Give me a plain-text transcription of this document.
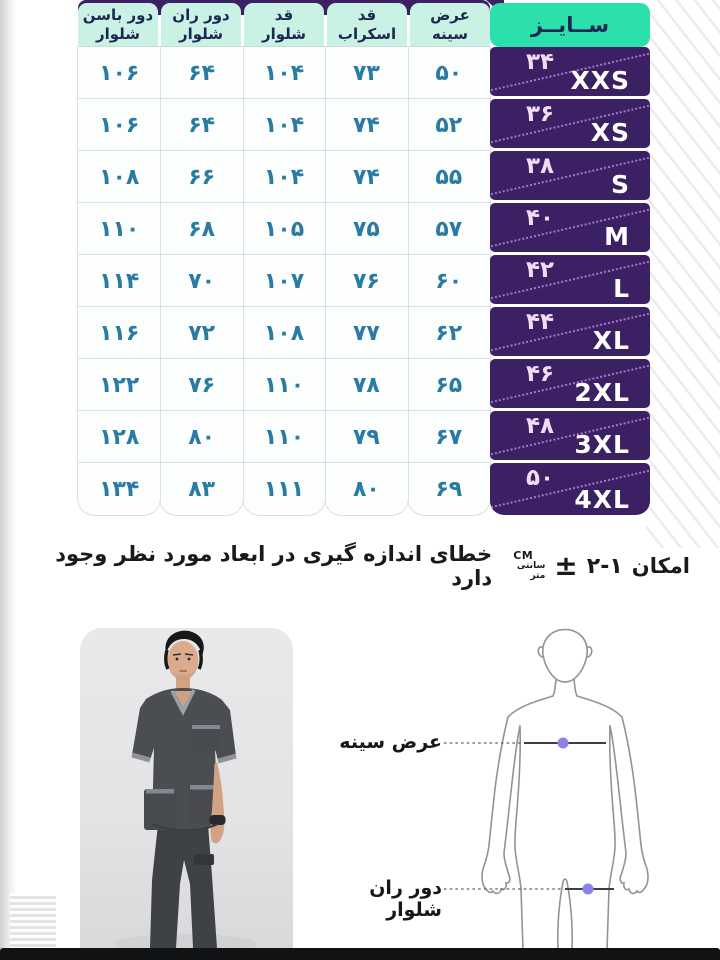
عرض
سینه
قد
اسکراب
قد
شلوار
دور ران
شلوار
دور باسن
شلوار
۵۰
۷۳
۱۰۴
۶۴
۱۰۶
۵۲
۷۴
۱۰۴
۶۴
۱۰۶
۵۵
۷۴
۱۰۴
۶۶
۱۰۸
۵۷
۷۵
۱۰۵
۶۸
۱۱۰
۶۰
۷۶
۱۰۷
۷۰
۱۱۴
۶۲
۷۷
۱۰۸
۷۲
۱۱۶
۶۵
۷۸
۱۱۰
۷۶
۱۲۲
۶۷
۷۹
۱۱۰
۸۰
۱۲۸
۶۹
۸۰
۱۱۱
۸۳
۱۳۴
ســایــز
۳۴
XXS
۳۶
XS
۳۸
S
۴۰
M
۴۲
L
۴۴
XL
۴۶
2XL
۴۸
3XL
۵۰
4XL
امکان
۲-۱
±
CM
سانتی متر
خطای اندازه گیری در ابعاد مورد نظر وجود دارد
عرض سینه
دور ران شلوار
